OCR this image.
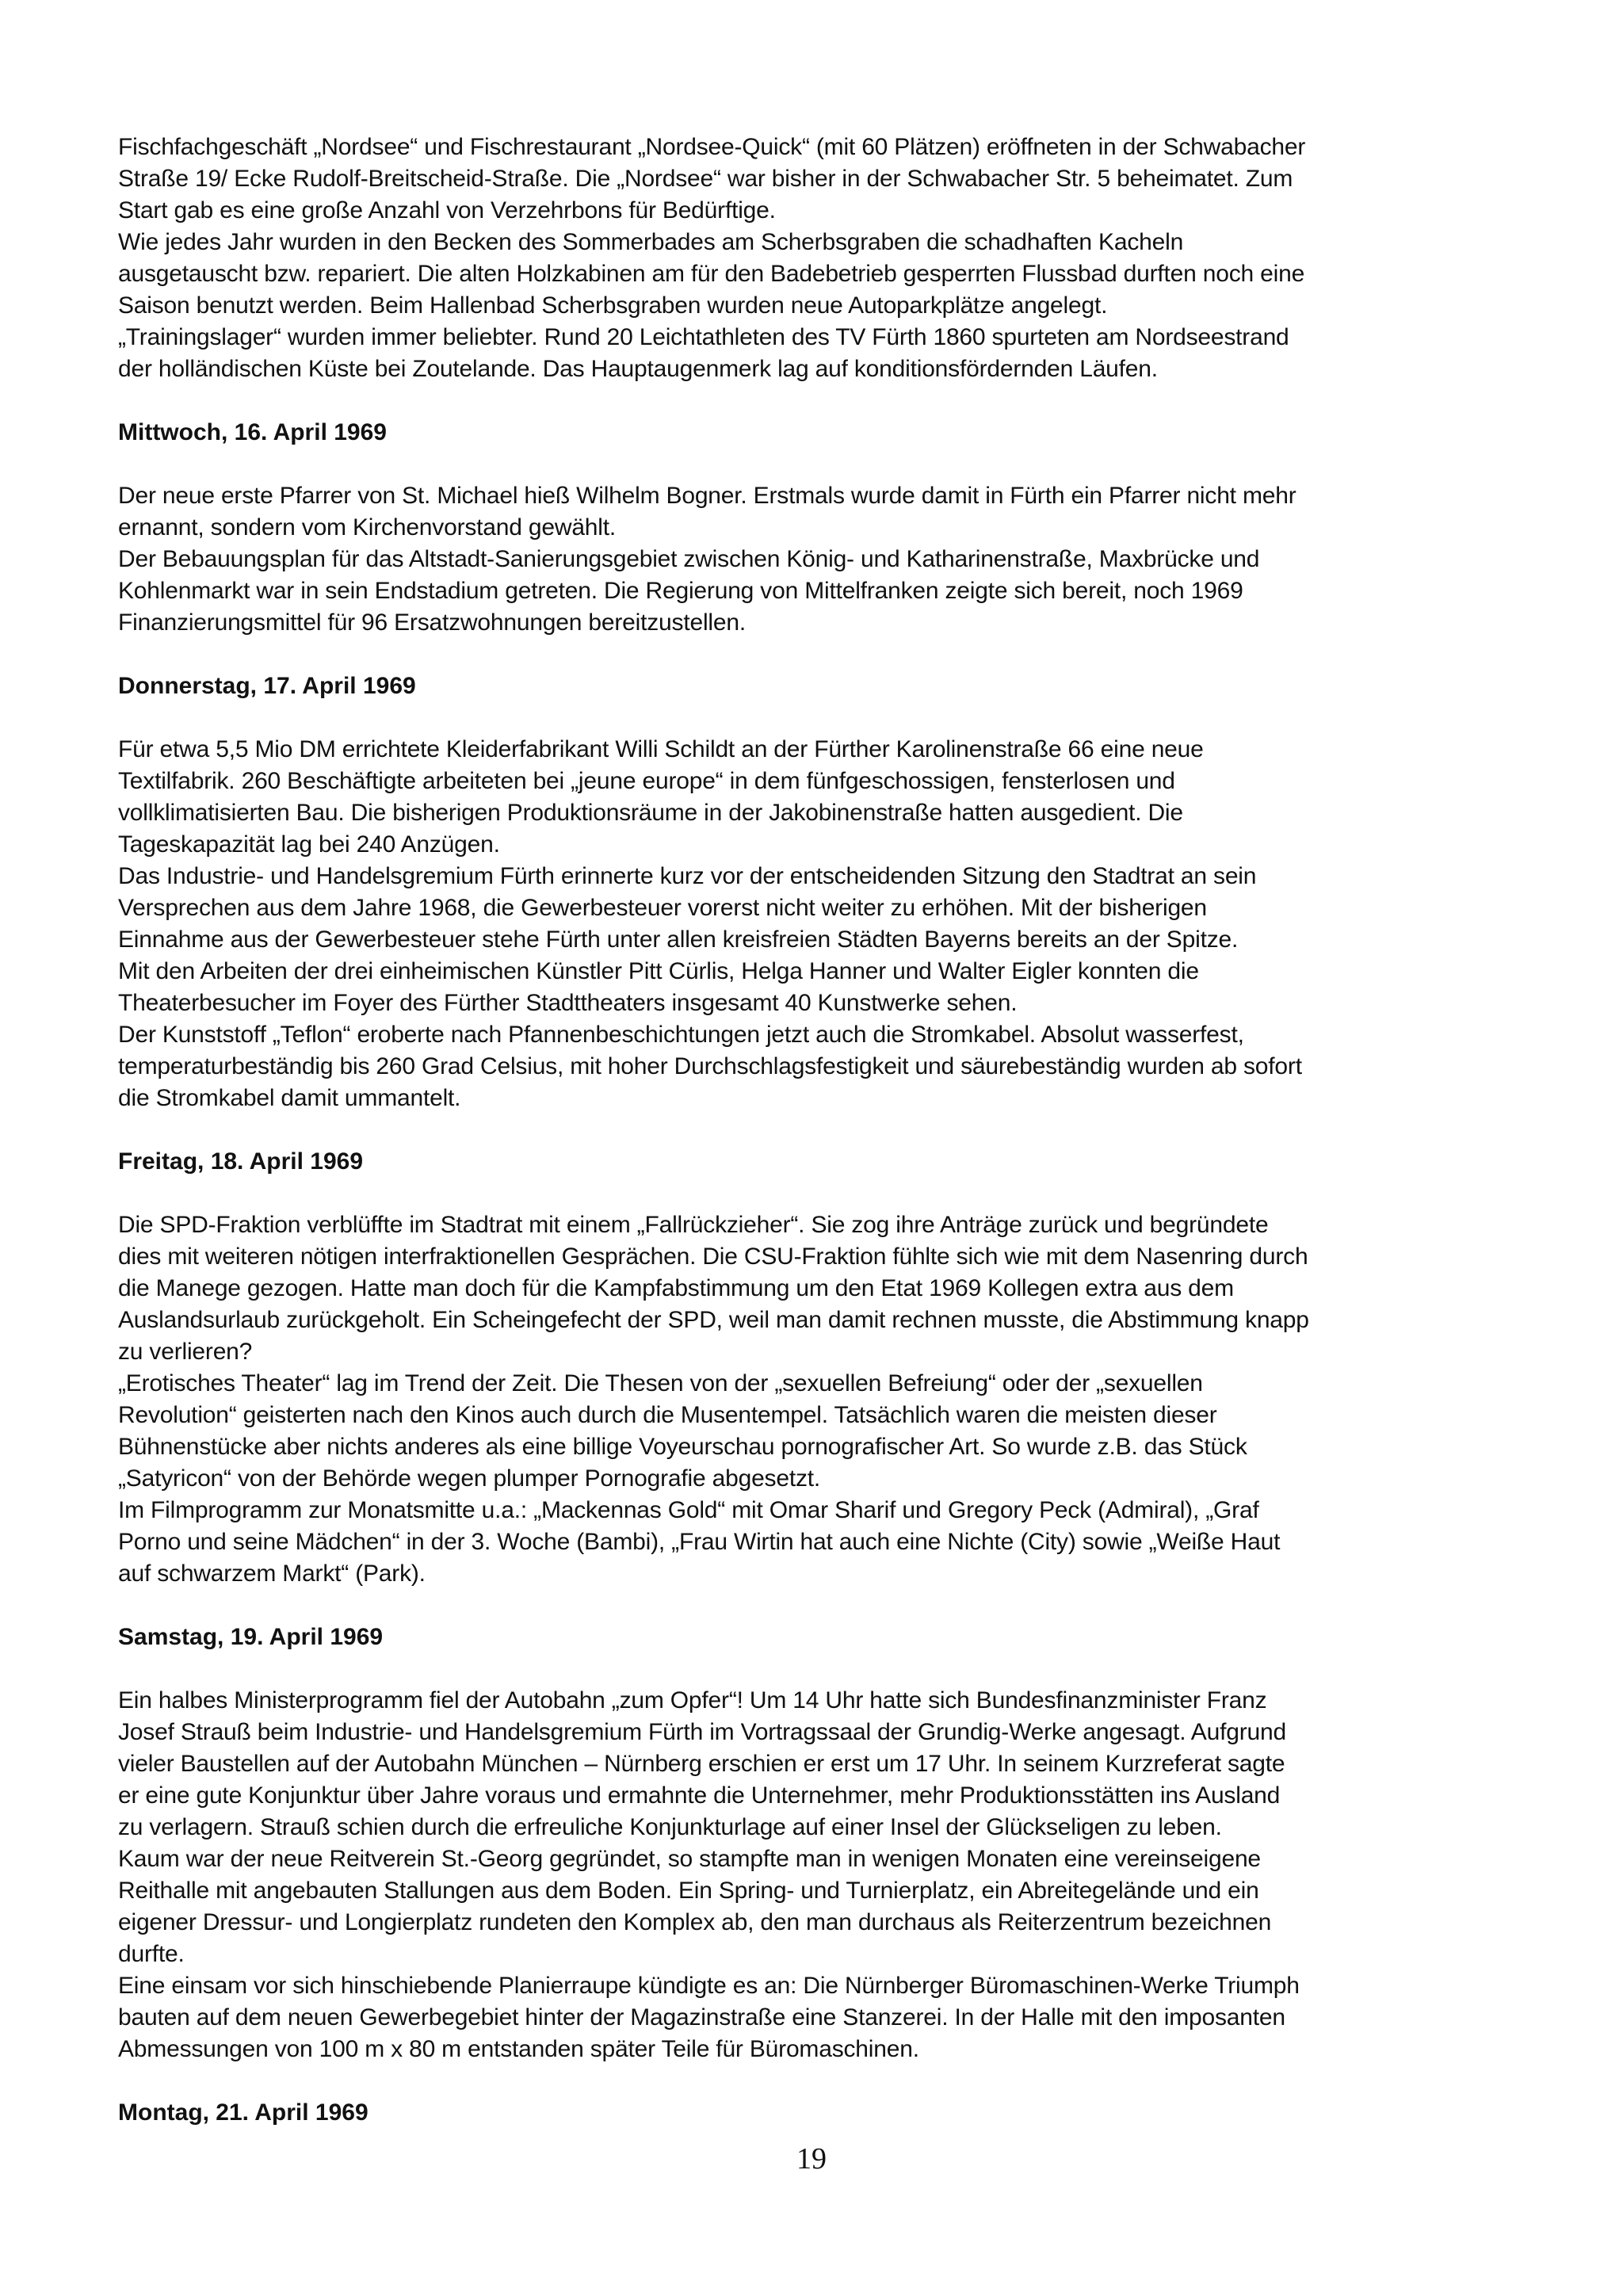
Fischfachgeschäft „Nordsee“ und Fischrestaurant „Nordsee-Quick“ (mit 60 Plätzen) eröffneten in der Schwabacher
Straße 19/ Ecke Rudolf-Breitscheid-Straße. Die „Nordsee“ war bisher in der Schwabacher Str. 5 beheimatet. Zum
Start gab es eine große Anzahl von Verzehrbons für Bedürftige.
Wie jedes Jahr wurden in den Becken des Sommerbades am Scherbsgraben die schadhaften Kacheln
ausgetauscht bzw. repariert. Die alten Holzkabinen am für den Badebetrieb gesperrten Flussbad durften noch eine
Saison benutzt werden. Beim Hallenbad Scherbsgraben wurden neue Autoparkplätze angelegt.
„Trainingslager“ wurden immer beliebter. Rund 20 Leichtathleten des TV Fürth 1860 spurteten am Nordseestrand
der holländischen Küste bei Zoutelande. Das Hauptaugenmerk lag auf konditionsfördernden Läufen.
Mittwoch, 16. April 1969
Der neue erste Pfarrer von St. Michael hieß Wilhelm Bogner. Erstmals wurde damit in Fürth ein Pfarrer nicht mehr
ernannt, sondern vom Kirchenvorstand gewählt.
Der Bebauungsplan für das Altstadt-Sanierungsgebiet zwischen König- und Katharinenstraße, Maxbrücke und
Kohlenmarkt war in sein Endstadium getreten. Die Regierung von Mittelfranken zeigte sich bereit, noch 1969
Finanzierungsmittel für 96 Ersatzwohnungen bereitzustellen.
Donnerstag, 17. April 1969
Für etwa 5,5 Mio DM errichtete Kleiderfabrikant Willi Schildt an der Fürther Karolinenstraße 66 eine neue
Textilfabrik. 260 Beschäftigte arbeiteten bei „jeune europe“ in dem fünfgeschossigen, fensterlosen und
vollklimatisierten Bau. Die bisherigen Produktionsräume in der Jakobinenstraße hatten ausgedient. Die
Tageskapazität lag bei 240 Anzügen.
Das Industrie- und Handelsgremium Fürth erinnerte kurz vor der entscheidenden Sitzung den Stadtrat an sein
Versprechen aus dem Jahre 1968, die Gewerbesteuer vorerst nicht weiter zu erhöhen. Mit der bisherigen
Einnahme aus der Gewerbesteuer stehe Fürth unter allen kreisfreien Städten Bayerns bereits an der Spitze.
Mit den Arbeiten der drei einheimischen Künstler Pitt Cürlis, Helga Hanner und Walter Eigler konnten die
Theaterbesucher im Foyer des Fürther Stadttheaters insgesamt 40 Kunstwerke sehen.
Der Kunststoff „Teflon“ eroberte nach Pfannenbeschichtungen jetzt auch die Stromkabel. Absolut wasserfest,
temperaturbeständig bis 260 Grad Celsius, mit hoher Durchschlagsfestigkeit und säurebeständig wurden ab sofort
die Stromkabel damit ummantelt.
Freitag, 18. April 1969
Die SPD-Fraktion verblüffte im Stadtrat mit einem „Fallrückzieher“. Sie zog ihre Anträge zurück und begründete
dies mit weiteren nötigen interfraktionellen Gesprächen. Die CSU-Fraktion fühlte sich wie mit dem Nasenring durch
die Manege gezogen. Hatte man doch für die Kampfabstimmung um den Etat 1969 Kollegen extra aus dem
Auslandsurlaub zurückgeholt. Ein Scheingefecht der SPD, weil man damit rechnen musste, die Abstimmung knapp
zu verlieren?
„Erotisches Theater“ lag im Trend der Zeit. Die Thesen von der „sexuellen Befreiung“ oder der „sexuellen
Revolution“ geisterten nach den Kinos auch durch die Musentempel. Tatsächlich waren die meisten dieser
Bühnenstücke aber nichts anderes als eine billige Voyeurschau pornografischer Art. So wurde z.B. das Stück
„Satyricon“ von der Behörde wegen plumper Pornografie abgesetzt.
Im Filmprogramm zur Monatsmitte u.a.: „Mackennas Gold“ mit Omar Sharif und Gregory Peck (Admiral), „Graf
Porno und seine Mädchen“ in der 3. Woche (Bambi), „Frau Wirtin hat auch eine Nichte (City) sowie „Weiße Haut
auf schwarzem Markt“ (Park).
Samstag, 19. April 1969
Ein halbes Ministerprogramm fiel der Autobahn „zum Opfer“! Um 14 Uhr hatte sich Bundesfinanzminister Franz
Josef Strauß beim Industrie- und Handelsgremium Fürth im Vortragssaal der Grundig-Werke angesagt. Aufgrund
vieler Baustellen auf der Autobahn München – Nürnberg erschien er erst um 17 Uhr. In seinem Kurzreferat sagte
er eine gute Konjunktur über Jahre voraus und ermahnte die Unternehmer, mehr Produktionsstätten ins Ausland
zu verlagern. Strauß schien durch die erfreuliche Konjunkturlage auf einer Insel der Glückseligen zu leben.
Kaum war der neue Reitverein St.-Georg gegründet, so stampfte man in wenigen Monaten eine vereinseigene
Reithalle mit angebauten Stallungen aus dem Boden. Ein Spring- und Turnierplatz, ein Abreitegelände und ein
eigener Dressur- und Longierplatz rundeten den Komplex ab, den man durchaus als Reiterzentrum bezeichnen
durfte.
Eine einsam vor sich hinschiebende Planierraupe kündigte es an: Die Nürnberger Büromaschinen-Werke Triumph
bauten auf dem neuen Gewerbegebiet hinter der Magazinstraße eine Stanzerei. In der Halle mit den imposanten
Abmessungen von 100 m x 80 m entstanden später Teile für Büromaschinen.
Montag, 21. April 1969
19
